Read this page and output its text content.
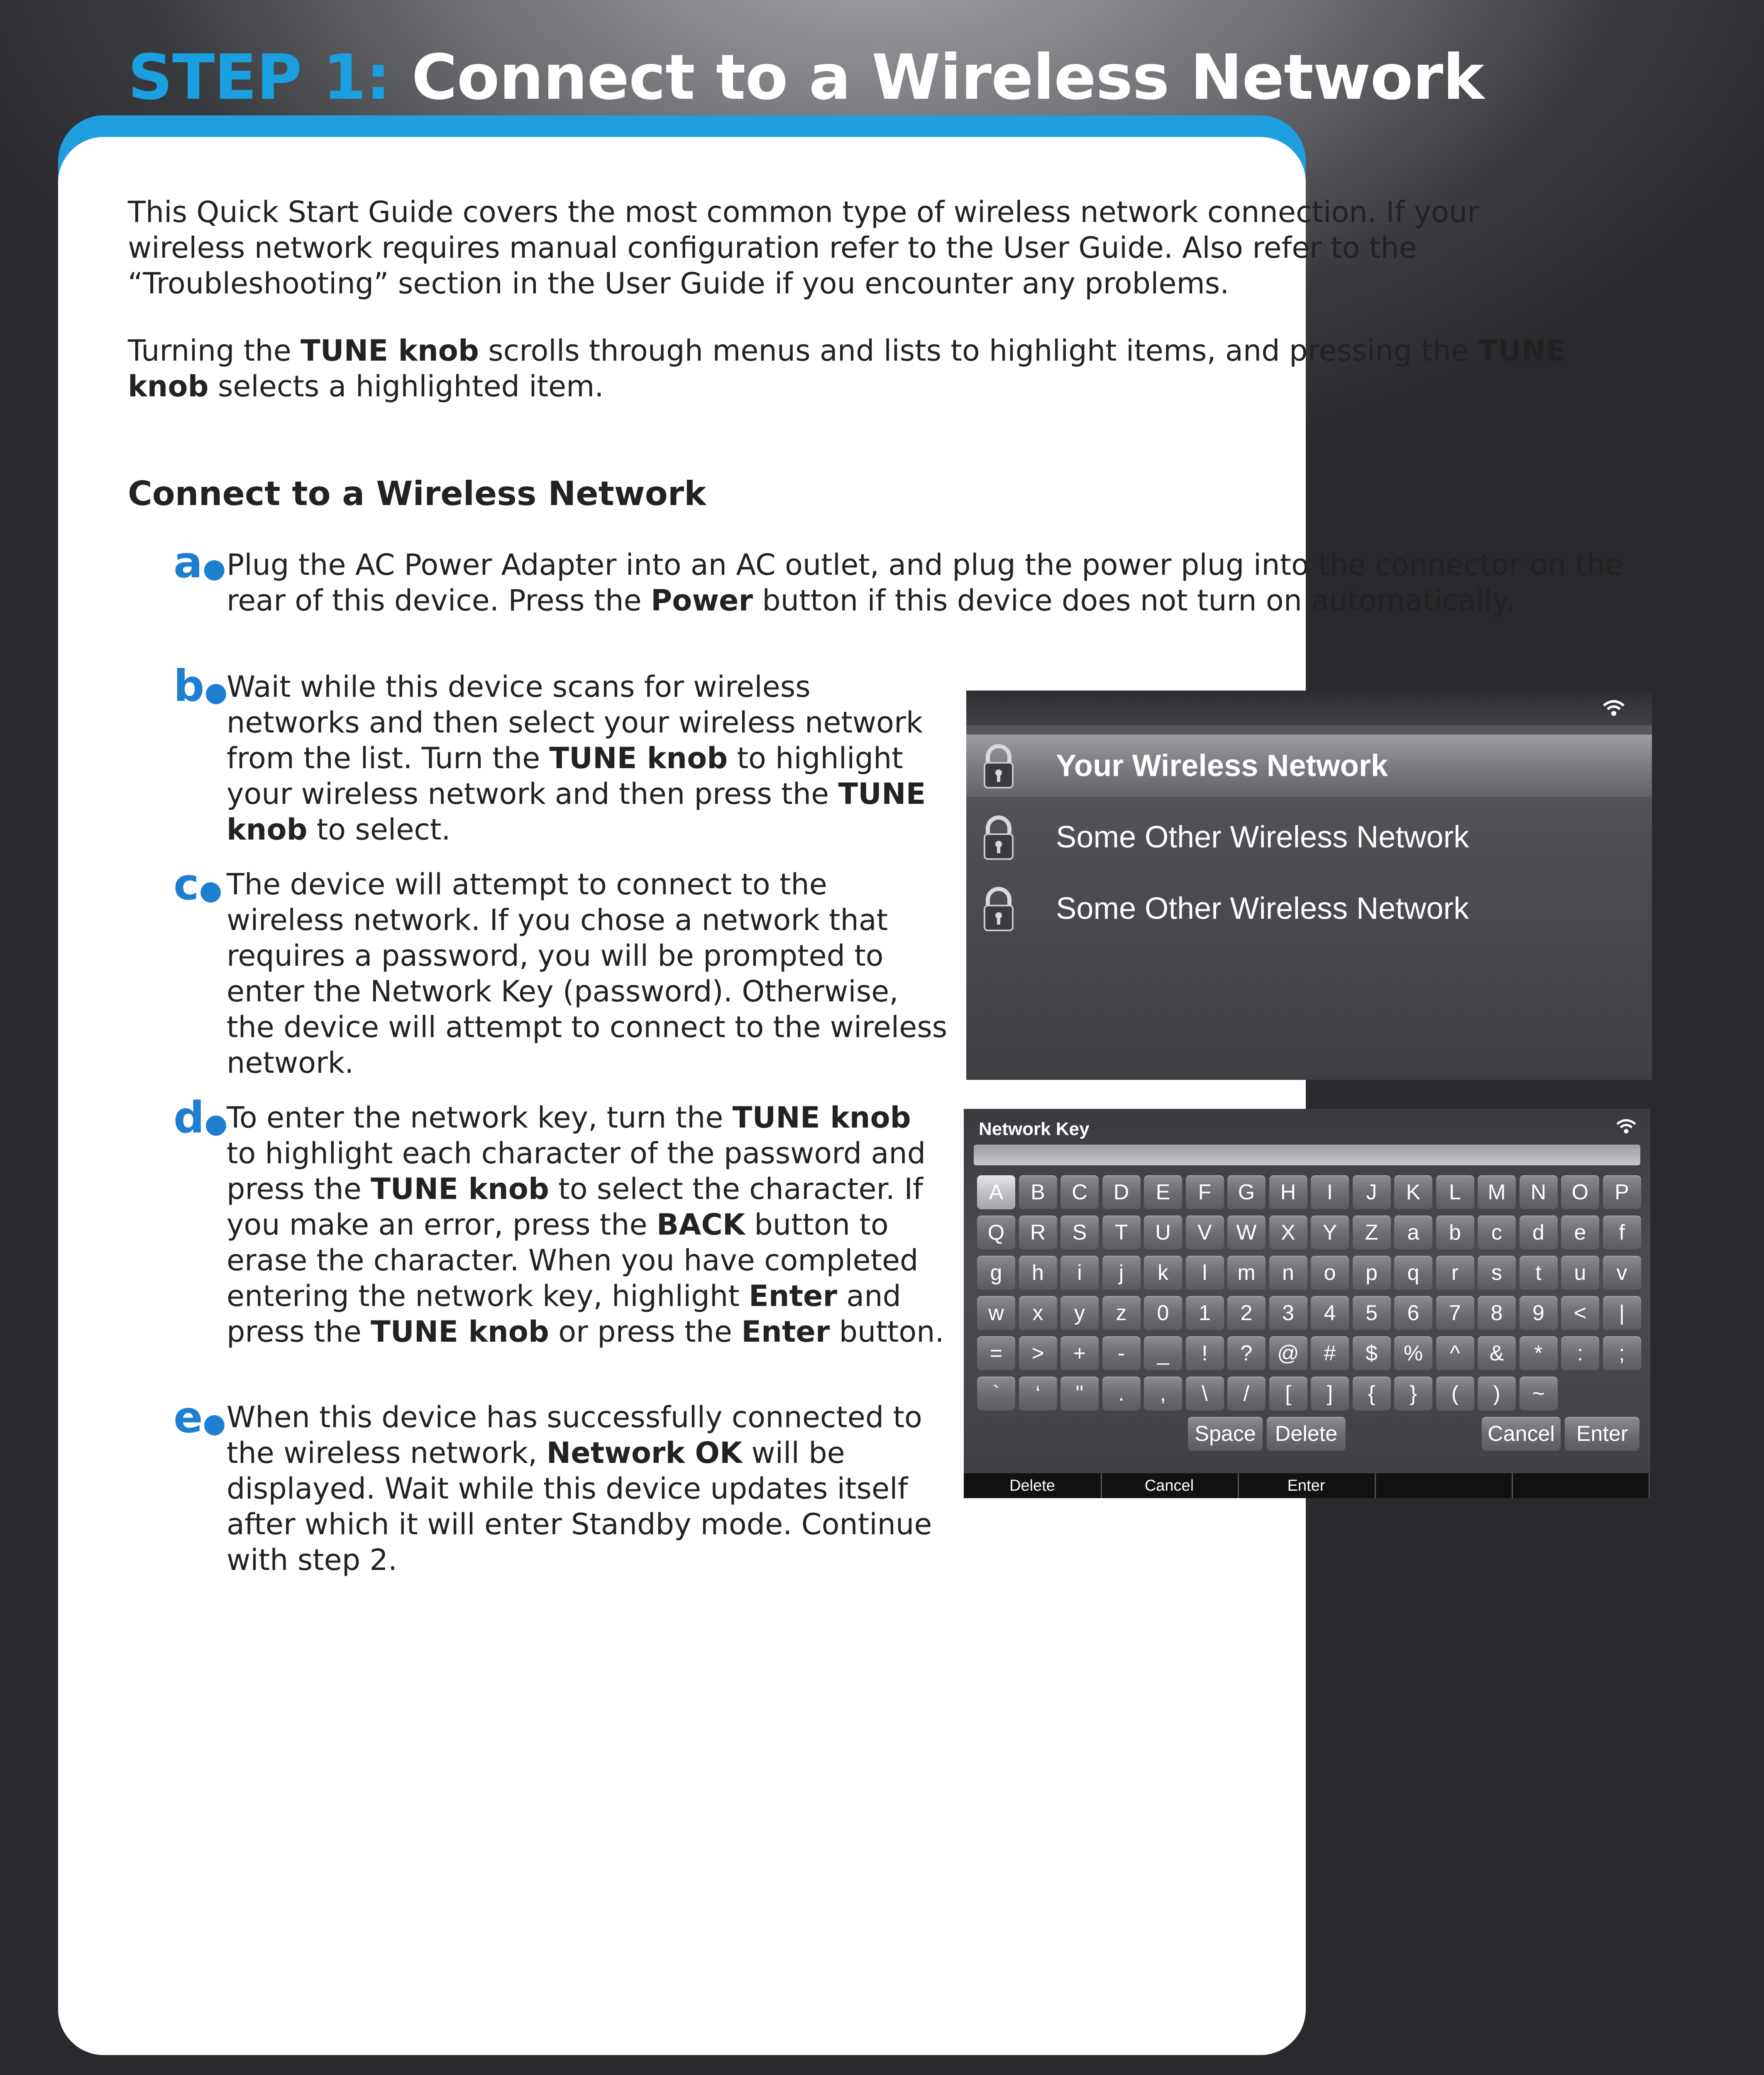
STEP 1: Connect to a Wireless Network

This Quick Start Guide covers the most common type of wireless network connection. If your wireless network requires manual configuration refer to the User Guide. Also refer to the “Troubleshooting” section in the User Guide if you encounter any problems.

Turning the TUNE knob scrolls through menus and lists to highlight items, and pressing the TUNE knob selects a highlighted item.

Connect to a Wireless Network
a● Plug the AC Power Adapter into an AC outlet, and plug the power plug into the connector on the rear of this device. Press the Power button if this device does not turn on automatically.

b●

Wait while this device scans for wireless networks and then select your wireless network from the list. Turn the TUNE knob to highlight your wireless network and then press the TUNE knob to select.

c● The device will attempt to connect to the wireless network. If you chose a network that requires a password, you will be prompted to enter the Network Key (password). Otherwise, the device will attempt to connect to the wireless network.

d●

To enter the network key, turn the TUNE knob to highlight each character of the password and press the TUNE knob to select the character. If you make an error, press the BACK button to erase the character. When you have completed entering the network key, highlight Enter and press the TUNE knob or press the Enter button.

e● When this device has successfully connected to the wireless network, Network OK will be displayed. Wait while this device updates itself after which it will enter Standby mode. Continue with step 2.

Your Wireless Network
Some Other Wireless Network
Some Other Wireless Network
Network Key
A	B	C	D	E	F	G	H	I	J	K	L	M	N	O	P
Q	R	S	T	U	V	W	X	Y	Z	a	b	c	d	e	f
g	h	i	j	k	l	m	n	o	p	q	r	s	t	u	v
w	x	y	z	0	1	2	3	4	5	6	7	8	9	<	|
=	>	+	-	_	!	?	@	#	$	%	^	&	*	:	;
`	‘	"	.	,	\	/	[	]	{	}	(	)	~
Space Delete	Cancel Enter
Delete	Cancel	Enter
